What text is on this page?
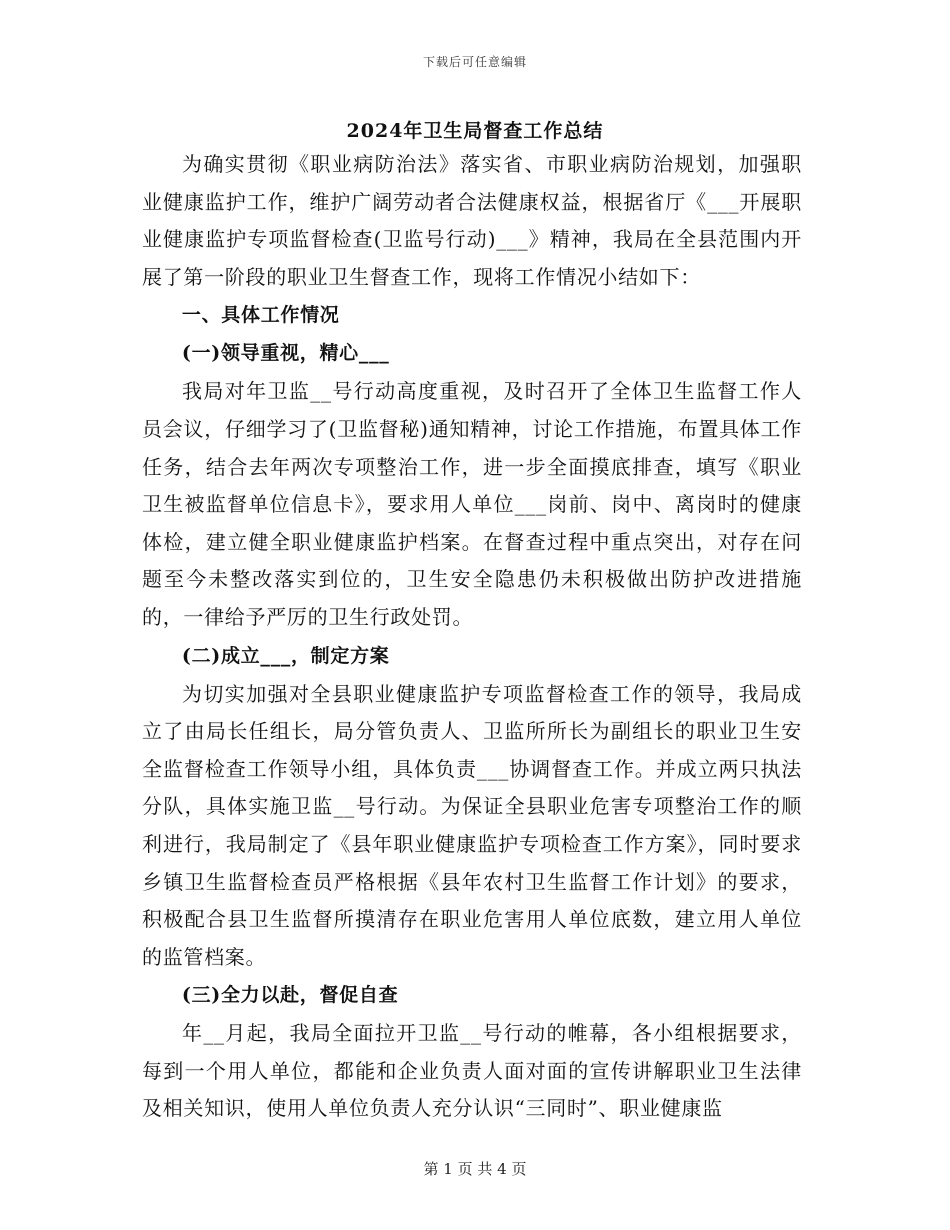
下载后可任意编辑
2024年卫生局督查工作总结

为确实贯彻《职业病防治法》落实省、市职业病防治规划，加强职业健康监护工作，维护广阔劳动者合法健康权益，根据省厅《___开展职业健康监护专项监督检查(卫监号行动)___》精神，我局在全县范围内开展了第一阶段的职业卫生督查工作，现将工作情况小结如下：

一、具体工作情况
(一)领导重视，精心___

我局对年卫监__号行动高度重视，及时召开了全体卫生监督工作人员会议，仔细学习了(卫监督秘)通知精神，讨论工作措施，布置具体工作任务，结合去年两次专项整治工作，进一步全面摸底排查，填写《职业卫生被监督单位信息卡》，要求用人单位___岗前、岗中、离岗时的健康体检，建立健全职业健康监护档案。在督查过程中重点突出，对存在问题至今未整改落实到位的，卫生安全隐患仍未积极做出防护改进措施的，一律给予严厉的卫生行政处罚。

(二)成立___，制定方案

为切实加强对全县职业健康监护专项监督检查工作的领导，我局成立了由局长任组长，局分管负责人、卫监所所长为副组长的职业卫生安全监督检查工作领导小组，具体负责___协调督查工作。并成立两只执法分队，具体实施卫监__号行动。为保证全县职业危害专项整治工作的顺利进行，我局制定了《县年职业健康监护专项检查工作方案》，同时要求乡镇卫生监督检查员严格根据《县年农村卫生监督工作计划》的要求，积极配合县卫生监督所摸清存在职业危害用人单位底数，建立用人单位的监管档案。

(三)全力以赴，督促自查

年__月起，我局全面拉开卫监__号行动的帷幕，各小组根据要求，每到一个用人单位，都能和企业负责人面对面的宣传讲解职业卫生法律及相关知识，使用人单位负责人充分认识“三同时”、职业健康监

第 1 页 共 4 页
